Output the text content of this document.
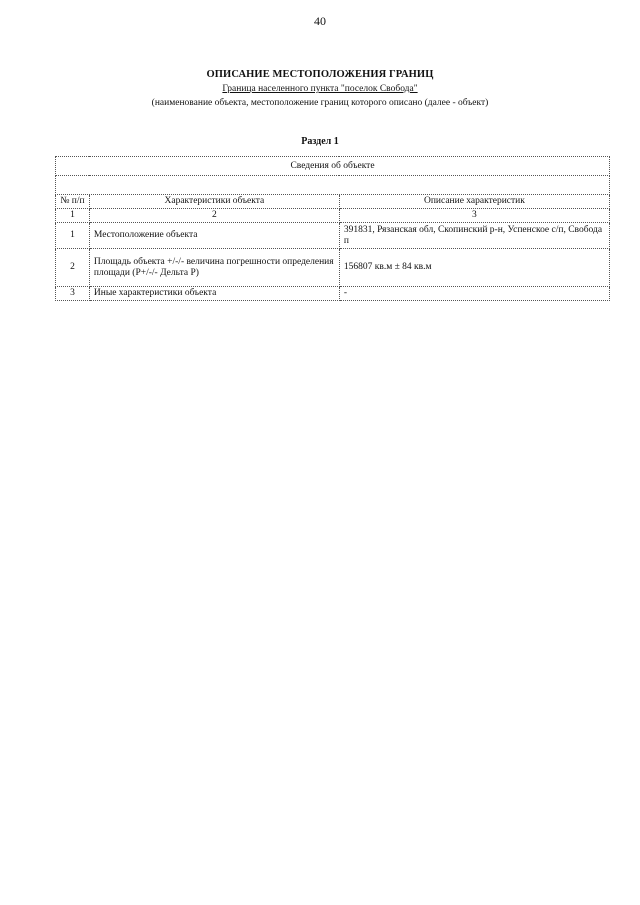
40
ОПИСАНИЕ МЕСТОПОЛОЖЕНИЯ ГРАНИЦ
Граница населенного пункта "поселок Свобода"
(наименование объекта, местоположение границ которого описано (далее - объект)
Раздел 1
Сведения об объекте		

№ п/п	Характеристики объекта	Описание характеристик
1	2	3
1	Местоположение объекта	391831, Рязанская обл, Скопинский р-н, Успенское с/п, Свобода п
2	Площадь объекта +/-/- величина погрешности определения площади (Р+/-/- Дельта Р)	156807 кв.м ± 84 кв.м
3	Иные характеристики объекта	-
